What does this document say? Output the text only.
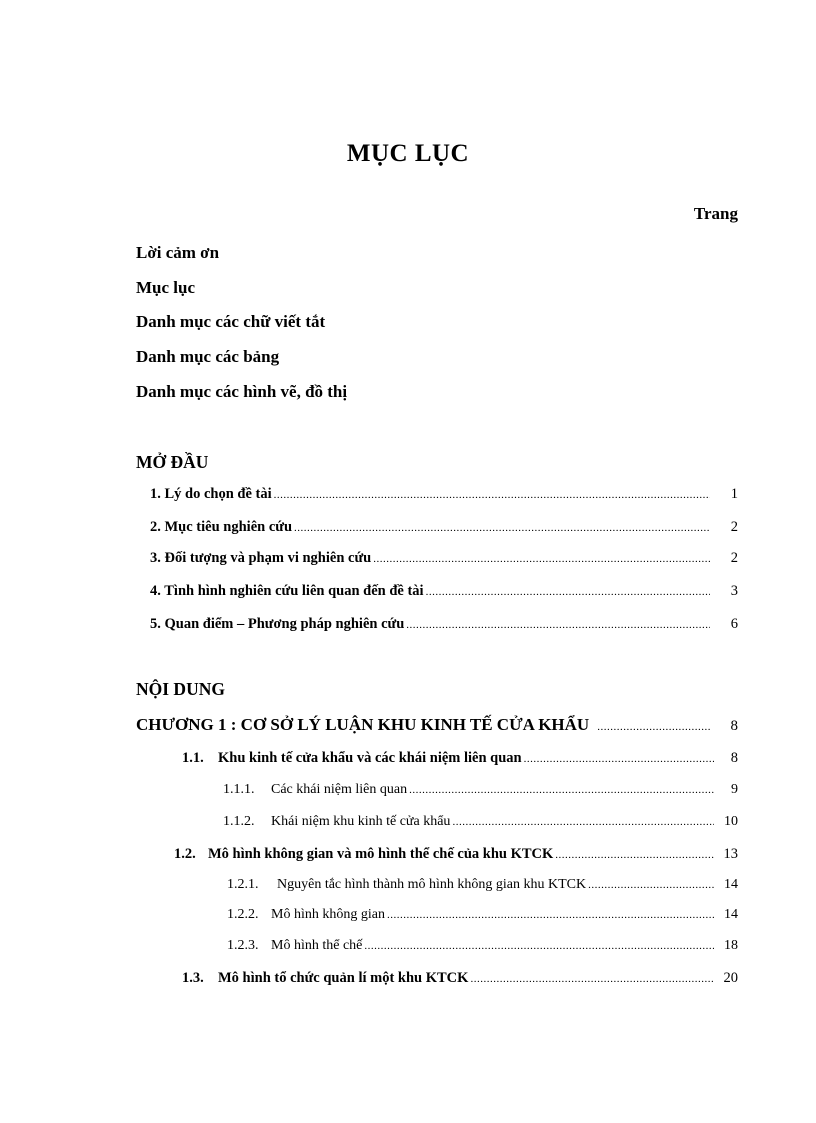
MỤC LỤC
Trang
Lời cảm ơn
Mục lục
Danh mục các chữ viết tắt
Danh mục các bảng
Danh mục các hình vẽ, đồ thị
MỞ ĐẦU
1. Lý do chọn đề tài .....	1
2. Mục tiêu nghiên cứu .....	2
3. Đối tượng và phạm vi nghiên cứu .....	2
4. Tình hình nghiên cứu liên quan đến đề tài .....	3
5. Quan điểm – Phương pháp nghiên cứu .....	6
NỘI DUNG
CHƯƠNG 1 : CƠ SỞ LÝ LUẬN KHU KINH TẾ CỬA KHẨU .....	8
1.1. Khu kinh tế cửa khẩu và các khái niệm liên quan .....	8
1.1.1. Các khái niệm liên quan .....	9
1.1.2. Khái niệm khu kinh tế cửa khẩu .....	10
1.2. Mô hình không gian và mô hình thể chế của khu KTCK .....	13
1.2.1. Nguyên tắc hình thành mô hình không gian khu KTCK .....	14
1.2.2. Mô hình không gian .....	14
1.2.3. Mô hình thể chế .....	18
1.3. Mô hình tổ chức quản lí một khu KTCK .....	20
